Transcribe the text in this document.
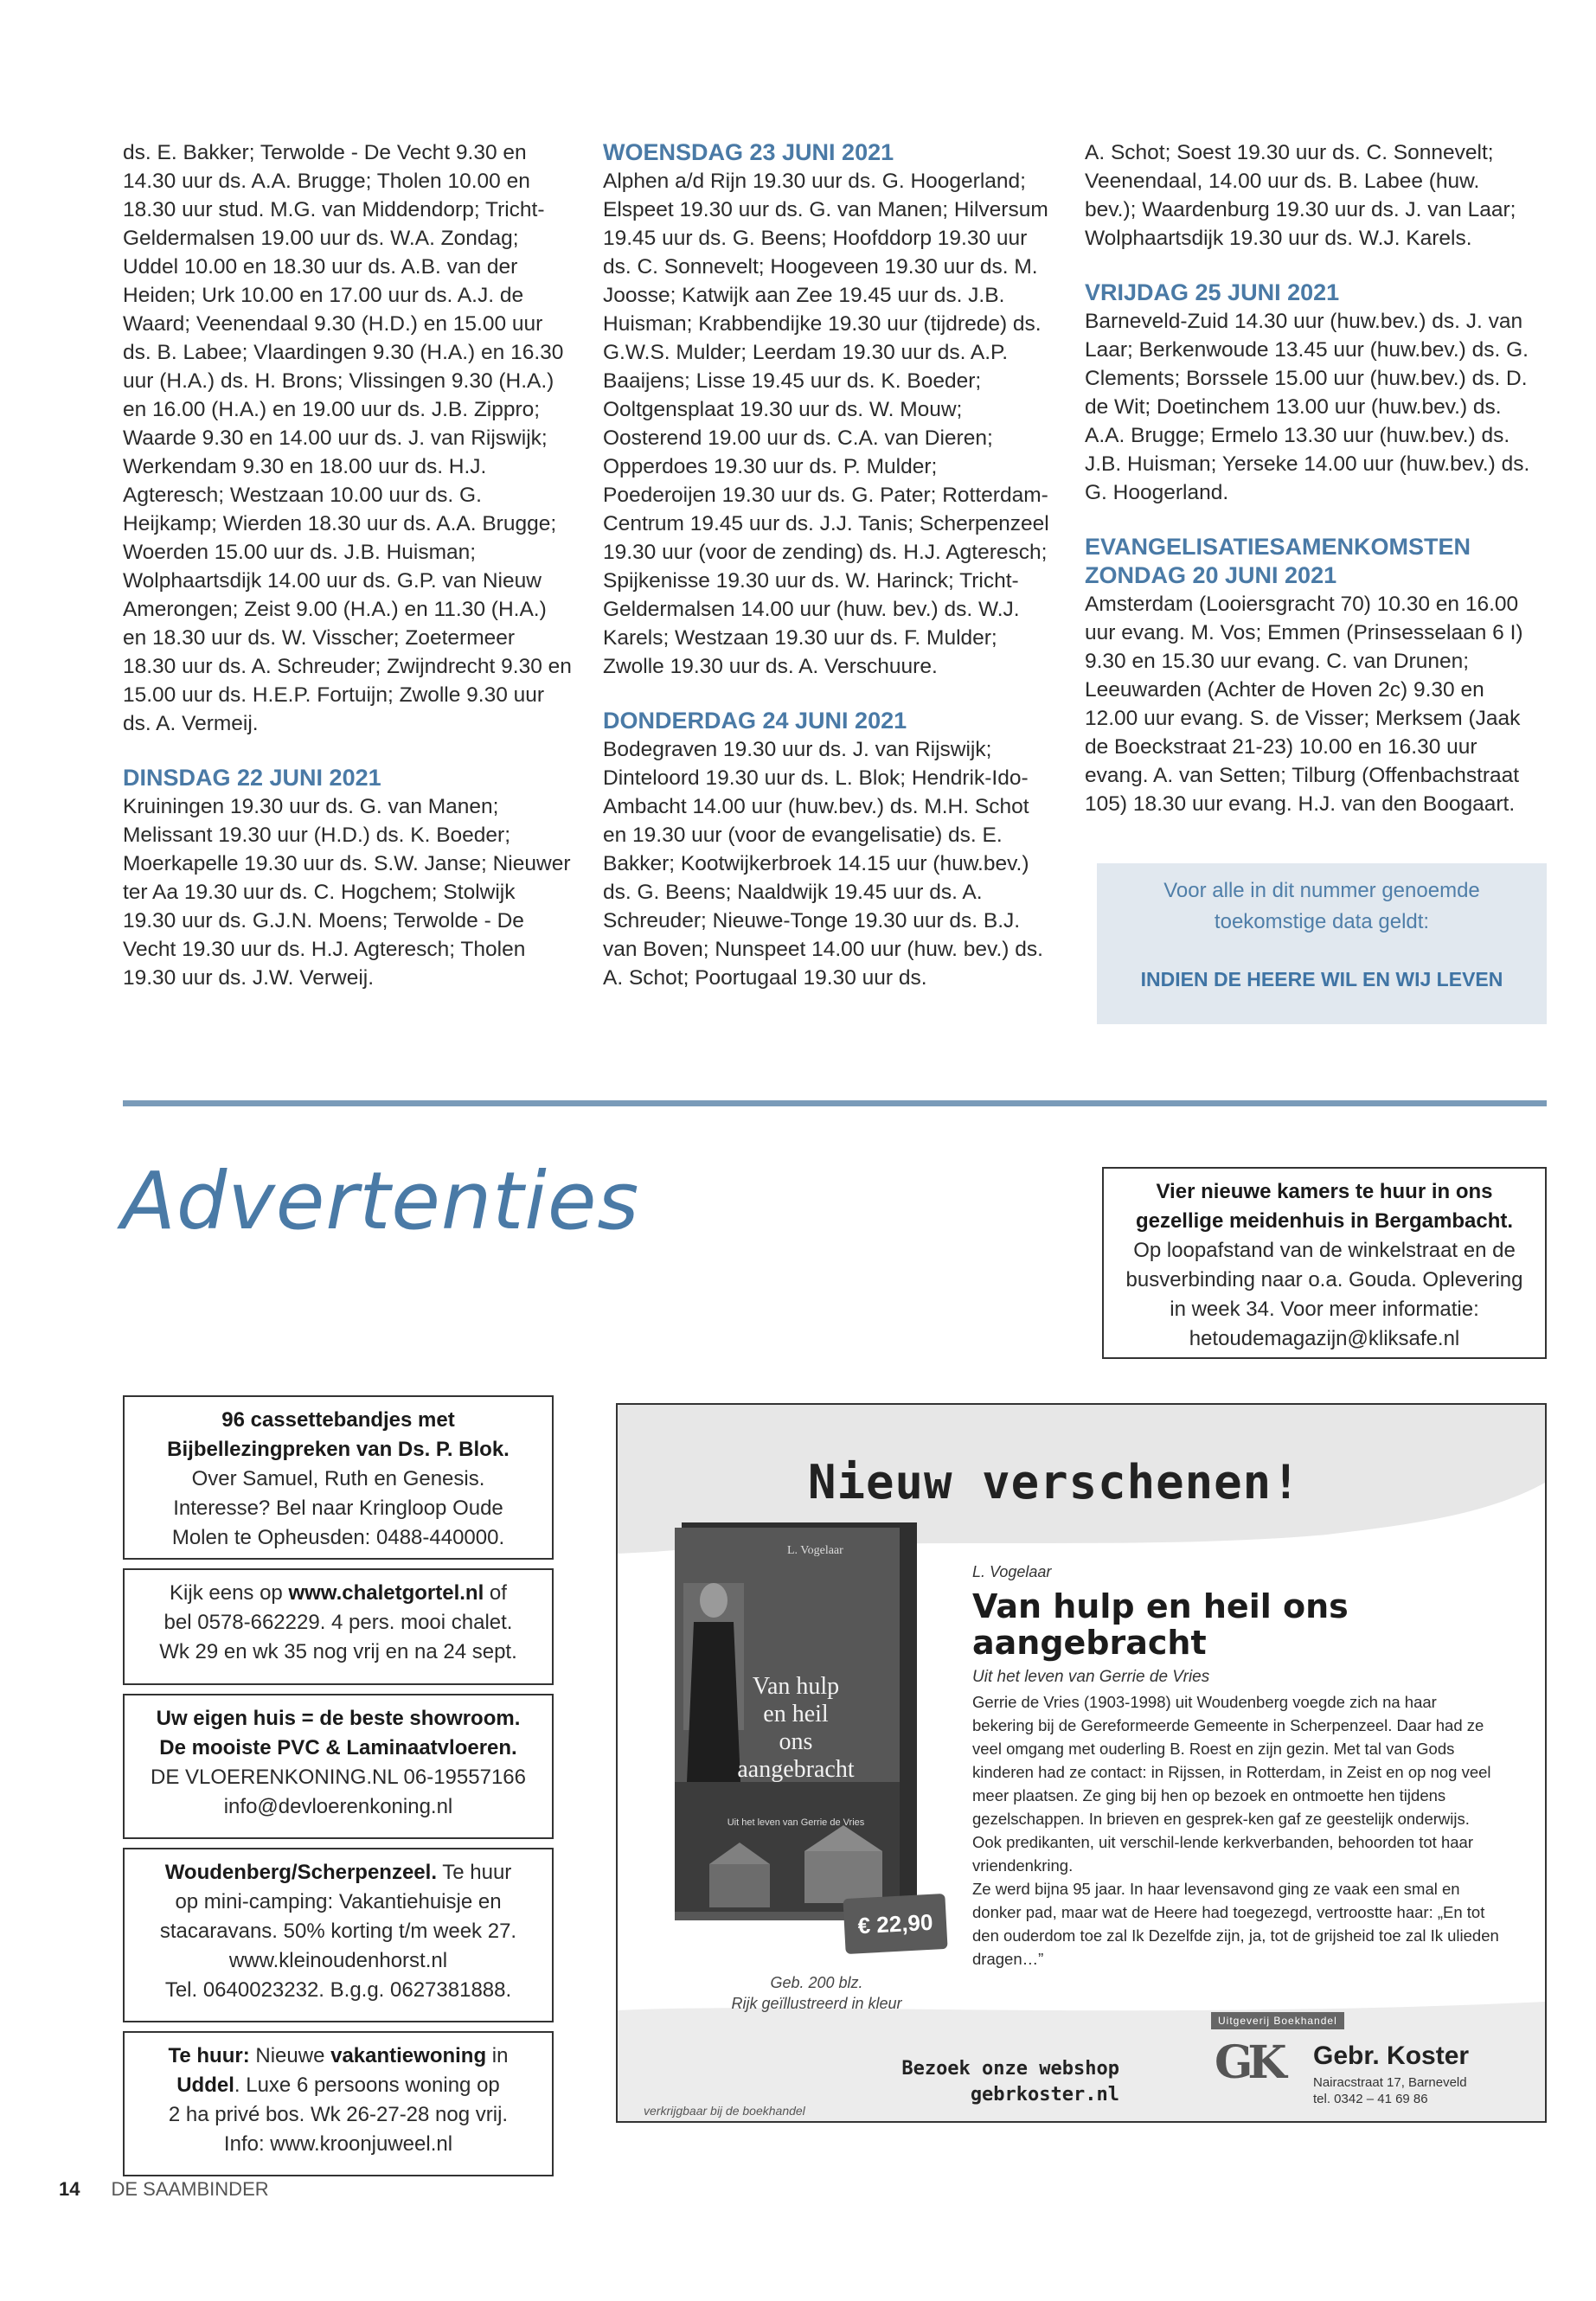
ds. E. Bakker; Terwolde - De Vecht 9.30 en 14.30 uur ds. A.A. Brugge; Tholen 10.00 en 18.30 uur stud. M.G. van Middendorp; Tricht-Geldermalsen 19.00 uur ds. W.A. Zondag; Uddel 10.00 en 18.30 uur ds. A.B. van der Heiden; Urk 10.00 en 17.00 uur ds. A.J. de Waard; Veenendaal 9.30 (H.D.) en 15.00 uur ds. B. Labee; Vlaardingen 9.30 (H.A.) en 16.30 uur (H.A.) ds. H. Brons; Vlissingen 9.30 (H.A.) en 16.00 (H.A.) en 19.00 uur ds. J.B. Zippro; Waarde 9.30 en 14.00 uur ds. J. van Rijswijk; Werkendam 9.30 en 18.00 uur ds. H.J. Agteresch; Westzaan 10.00 uur ds. G. Heijkamp; Wierden 18.30 uur ds. A.A. Brugge; Woerden 15.00 uur ds. J.B. Huisman; Wolphaartsdijk 14.00 uur ds. G.P. van Nieuw Amerongen; Zeist 9.00 (H.A.) en 11.30 (H.A.) en 18.30 uur ds. W. Visscher; Zoetermeer 18.30 uur ds. A. Schreuder; Zwijndrecht 9.30 en 15.00 uur ds. H.E.P. Fortuijn; Zwolle 9.30 uur ds. A. Vermeij.

DINSDAG 22 JUNI 2021

Kruiningen 19.30 uur ds. G. van Manen; Melissant 19.30 uur (H.D.) ds. K. Boeder; Moerkapelle 19.30 uur ds. S.W. Janse; Nieuwer ter Aa 19.30 uur ds. C. Hogchem; Stolwijk 19.30 uur ds. G.J.N. Moens; Terwolde - De Vecht 19.30 uur ds. H.J. Agteresch; Tholen 19.30 uur ds. J.W. Verweij.

WOENSDAG 23 JUNI 2021

Alphen a/d Rijn 19.30 uur ds. G. Hoogerland; Elspeet 19.30 uur ds. G. van Manen; Hilversum 19.45 uur ds. G. Beens; Hoofddorp 19.30 uur ds. C. Sonnevelt; Hoogeveen 19.30 uur ds. M. Joosse; Katwijk aan Zee 19.45 uur ds. J.B. Huisman; Krabbendijke 19.30 uur (tijdrede) ds. G.W.S. Mulder; Leerdam 19.30 uur ds. A.P. Baaijens; Lisse 19.45 uur ds. K. Boeder; Ooltgensplaat 19.30 uur ds. W. Mouw; Oosterend 19.00 uur ds. C.A. van Dieren; Opperdoes 19.30 uur ds. P. Mulder; Poederoijen 19.30 uur ds. G. Pater; Rotterdam-Centrum 19.45 uur ds. J.J. Tanis; Scherpenzeel 19.30 uur (voor de zending) ds. H.J. Agteresch; Spijkenisse 19.30 uur ds. W. Harinck; Tricht-Geldermalsen 14.00 uur (huw. bev.) ds. W.J. Karels; Westzaan 19.30 uur ds. F. Mulder; Zwolle 19.30 uur ds. A. Verschuure.

DONDERDAG 24 JUNI 2021

Bodegraven 19.30 uur ds. J. van Rijswijk; Dinteloord 19.30 uur ds. L. Blok; Hendrik-Ido-Ambacht 14.00 uur (huw.bev.) ds. M.H. Schot en 19.30 uur (voor de evangelisatie) ds. E. Bakker; Kootwijkerbroek 14.15 uur (huw.bev.) ds. G. Beens; Naaldwijk 19.45 uur ds. A. Schreuder; Nieuwe-Tonge 19.30 uur ds. B.J. van Boven; Nunspeet 14.00 uur (huw. bev.) ds. A. Schot; Poortugaal 19.30 uur ds.

A. Schot; Soest 19.30 uur ds. C. Sonnevelt; Veenendaal, 14.00 uur ds. B. Labee (huw. bev.); Waardenburg 19.30 uur ds. J. van Laar; Wolphaartsdijk 19.30 uur ds. W.J. Karels.

VRIJDAG 25 JUNI 2021

Barneveld-Zuid 14.30 uur (huw.bev.) ds. J. van Laar; Berkenwoude 13.45 uur (huw.bev.) ds. G. Clements; Borssele 15.00 uur (huw.bev.) ds. D. de Wit; Doetinchem 13.00 uur (huw.bev.) ds. A.A. Brugge; Ermelo 13.30 uur (huw.bev.) ds. J.B. Huisman; Yerseke 14.00 uur (huw.bev.) ds. G. Hoogerland.

EVANGELISATIESAMENKOMSTEN
ZONDAG 20 JUNI 2021

Amsterdam (Looiersgracht 70) 10.30 en 16.00 uur evang. M. Vos; Emmen (Prinsesselaan 6 I) 9.30 en 15.30 uur evang. C. van Drunen; Leeuwarden (Achter de Hoven 2c) 9.30 en 12.00 uur evang. S. de Visser; Merksem (Jaak de Boeckstraat 21-23) 10.00 en 16.30 uur evang. A. van Setten; Tilburg (Offenbachstraat 105) 18.30 uur evang. H.J. van den Boogaart.

Voor alle in dit nummer genoemde
toekomstige data geldt:
INDIEN DE HEERE WIL EN WIJ LEVEN
Advertenties	Vier nieuwe kamers te huur in ons

gezellige meidenhuis in Bergambacht.

Op loopafstand van de winkelstraat en de

busverbinding naar o.a. Gouda. Oplevering

in week 34. Voor meer informatie:

hetoudemagazijn@kliksafe.nl

96 cassettebandjes met

Bijbellezingpreken van Ds. P. Blok.

Over Samuel, Ruth en Genesis.

Interesse? Bel naar Kringloop Oude

Molen te Opheusden: 0488-440000.

Kijk eens op www.chaletgortel.nl of

bel 0578-662229. 4 pers. mooi chalet.

Wk 29 en wk 35 nog vrij en na 24 sept.

Uw eigen huis = de beste showroom.

De mooiste PVC & Laminaatvloeren.

DE VLOERENKONING.NL 06-19557166

info@devloerenkoning.nl

Woudenberg/Scherpenzeel. Te huur

op mini-camping: Vakantiehuisje en

stacaravans. 50% korting t/m week 27.

www.kleinoudenhorst.nl

Tel. 0640023232. B.g.g. 0627381888.

Te huur: Nieuwe vakantiewoning in

Uddel. Luxe 6 persoons woning op

2 ha privé bos. Wk 26-27-28 nog vrij.

Info: www.kroonjuweel.nl

Nieuw verschenen!
L. Vogelaar
Van hulp
en heil
ons
aangebracht
Uit het leven van Gerrie de Vries
€ 22,90
Geb. 200 blz.
Rijk geïllustreerd in kleur
L. Vogelaar
Van hulp en heil ons aangebracht
Uit het leven van Gerrie de Vries

Gerrie de Vries (1903-1998) uit Woudenberg voegde zich na haar bekering bij de Gereformeerde Gemeente in Scherpenzeel. Daar had ze veel omgang met ouderling B. Roest en zijn gezin. Met tal van Gods kinderen had ze contact: in Rijssen, in Rotterdam, in Zeist en op nog veel meer plaatsen. Ze ging bij hen op bezoek en ontmoette hen tijdens gezelschappen. In brieven en gesprek-ken gaf ze geestelijk onderwijs. Ook predikanten, uit verschil-lende kerkverbanden, behoorden tot haar vriendenkring.

Ze werd bijna 95 jaar. In haar levensavond ging ze vaak een smal en donker pad, maar wat de Heere had toegezegd, vertroostte haar: „En tot den ouderdom toe zal Ik Dezelfde zijn, ja, tot de grijsheid toe zal Ik ulieden dragen…”

Bezoek onze webshop
gebrkoster.nl
verkrijgbaar bij de boekhandel
Uitgeverij Boekhandel
GK Gebr. Koster
Nairacstraat 17, Barneveld
tel. 0342 – 41 69 86
14 DE SAAMBINDER
